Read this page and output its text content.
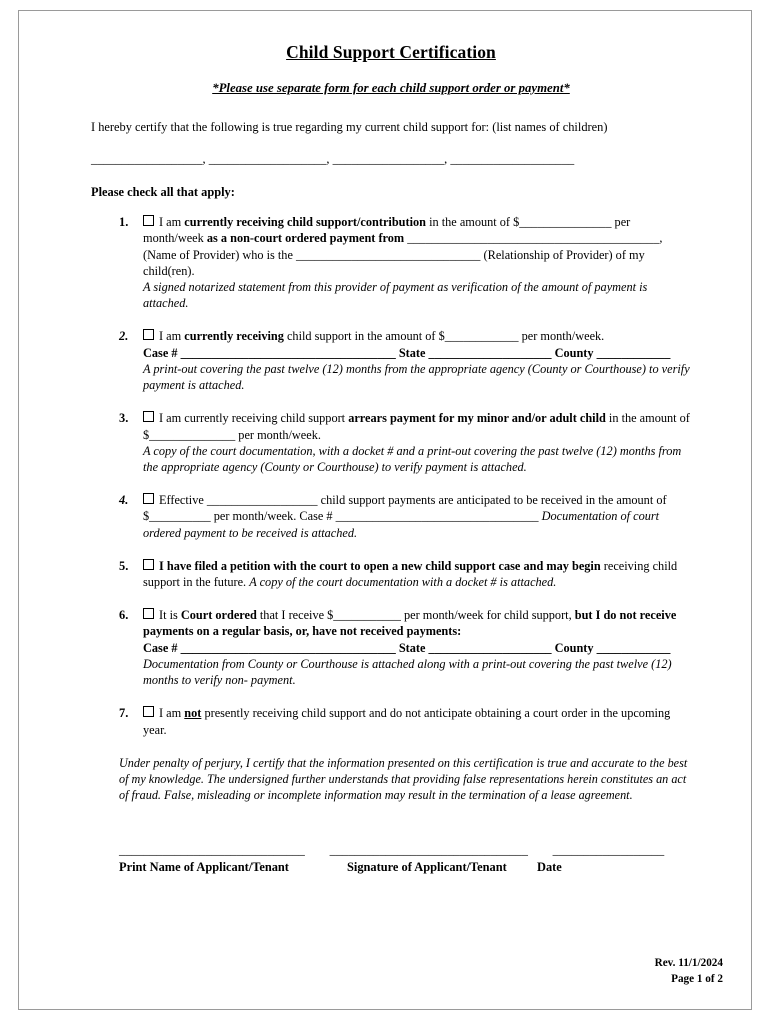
Child Support Certification
*Please use separate form for each child support order or payment*
I hereby certify that the following is true regarding my current child support for: (list names of children)
__________________, ___________________, __________________, ____________________
Please check all that apply:
1. I am currently receiving child support/contribution in the amount of $_______________ per month/week as a non-court ordered payment from _________________________________________, (Name of Provider) who is the ______________________________ (Relationship of Provider) of my child(ren).
A signed notarized statement from this provider of payment as verification of the amount of payment is attached.
2. I am currently receiving child support in the amount of $____________ per month/week.
Case # ___________________________________ State ____________________ County ____________
A print-out covering the past twelve (12) months from the appropriate agency (County or Courthouse) to verify payment is attached.
3. I am currently receiving child support arrears payment for my minor and/or adult child in the amount of $______________ per month/week.
A copy of the court documentation, with a docket # and a print-out covering the past twelve (12) months from the appropriate agency (County or Courthouse) to verify payment is attached.
4. Effective __________________ child support payments are anticipated to be received in the amount of $__________ per month/week. Case # _________________________________ Documentation of court ordered payment to be received is attached.
5. I have filed a petition with the court to open a new child support case and may begin receiving child support in the future. A copy of the court documentation with a docket # is attached.
6. It is Court ordered that I receive $___________ per month/week for child support, but I do not receive payments on a regular basis, or, have not received payments:
Case # ___________________________________ State ____________________ County ____________
Documentation from County or Courthouse is attached along with a print-out covering the past twelve (12) months to verify non- payment.
7. I am not presently receiving child support and do not anticipate obtaining a court order in the upcoming year.
Under penalty of perjury, I certify that the information presented on this certification is true and accurate to the best of my knowledge. The undersigned further understands that providing false representations herein constitutes an act of fraud. False, misleading or incomplete information may result in the termination of a lease agreement.
______________________________        ________________________________        __________________
Print Name of Applicant/Tenant	Signature of Applicant/Tenant Date
Rev. 11/1/2024
Page 1 of 2
